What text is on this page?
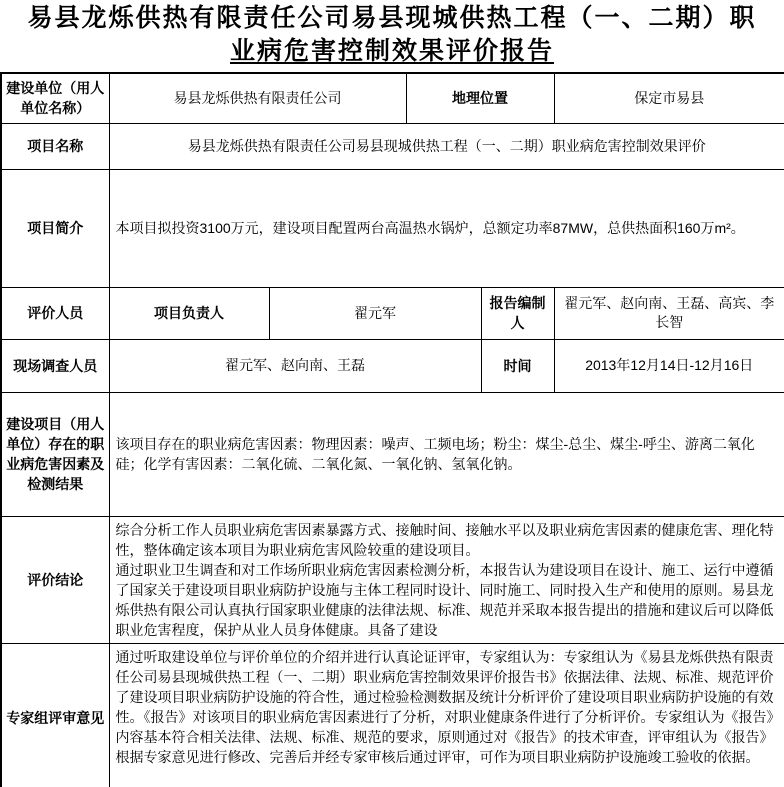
易县龙烁供热有限责任公司易县现城供热工程（一、二期）职
业病危害控制效果评价报告
建设单位（用人单位名称）	易县龙烁供热有限责任公司		地理位置		保定市易县
项目名称	易县龙烁供热有限责任公司易县现城供热工程（一、二期）职业病危害控制效果评价				
项目简介	本项目拟投资3100万元，建设项目配置两台高温热水锅炉，总额定功率87MW，总供热面积160万m²。				
评价人员	项目负责人	翟元军		报告编制人	翟元军、赵向南、王磊、高宾、李长智
现场调查人员	翟元军、赵向南、王磊			时间	2013年12月14日-12月16日
建设项目（用人单位）存在的职业病危害因素及检测结果	该项目存在的职业病危害因素：物理因素：噪声、工频电场；粉尘：煤尘-总尘、煤尘-呼尘、游离二氧化硅；化学有害因素：二氧化硫、二氧化氮、一氧化钠、氢氧化钠。				
评价结论	综合分析工作人员职业病危害因素暴露方式、接触时间、接触水平以及职业病危害因素的健康危害、理化特性，整体确定该本项目为职业病危害风险较重的建设项目。

通过职业卫生调查和对工作场所职业病危害因素检测分析，本报告认为建设项目在设计、施工、运行中遵循了国家关于建设项目职业病防护设施与主体工程同时设计、同时施工、同时投入生产和使用的原则。易县龙烁供热有限公司认真执行国家职业健康的法律法规、标准、规范并采取本报告提出的措施和建议后可以降低职业危害程度，保护从业人员身体健康。具备了建设				

专家组评审意见	通过听取建设单位与评价单位的介绍并进行认真论证评审，专家组认为：专家组认为《易县龙烁供热有限责任公司易县现城供热工程（一、二期）职业病危害控制效果评价报告书》依据法律、法规、标准、规范评价了建设项目职业病防护设施的符合性，通过检验检测数据及统计分析评价了建设项目职业病防护设施的有效性。《报告》对该项目的职业病危害因素进行了分析，对职业健康条件进行了分析评价。专家组认为《报告》内容基本符合相关法律、法规、标准、规范的要求，原则通过对《报告》的技术审查，评审组认为《报告》根据专家意见进行修改、完善后并经专家审核后通过评审，可作为项目职业病防护设施竣工验收的依据。				
